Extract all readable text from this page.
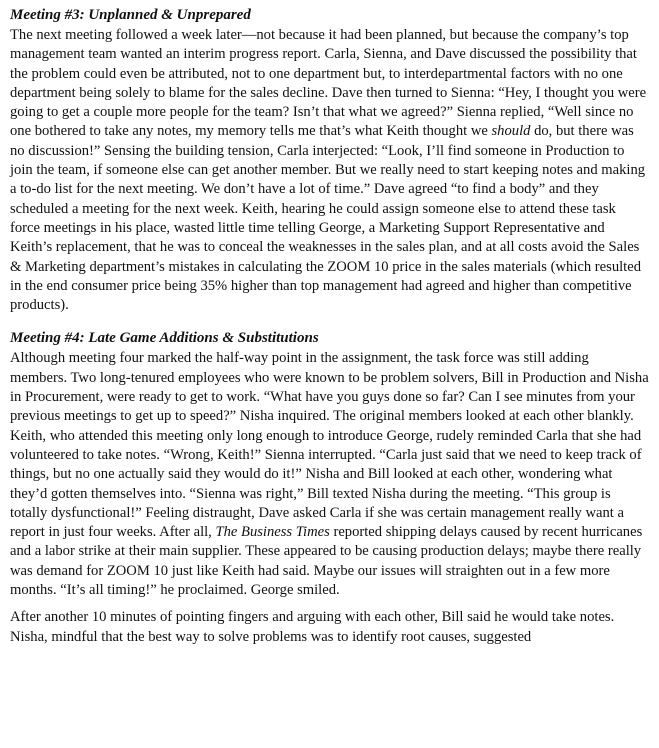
Meeting #3: Unplanned & Unprepared

The next meeting followed a week later—not because it had been planned, but because the company’s top management team wanted an interim progress report. Carla, Sienna, and Dave discussed the possibility that the problem could even be attributed, not to one department but, to interdepartmental factors with no one department being solely to blame for the sales decline. Dave then turned to Sienna: “Hey, I thought you were going to get a couple more people for the team? Isn’t that what we agreed?” Sienna replied, “Well since no one bothered to take any notes, my memory tells me that’s what Keith thought we should do, but there was no discussion!” Sensing the building tension, Carla interjected: “Look, I’ll find someone in Production to join the team, if someone else can get another member. But we really need to start keeping notes and making a to-do list for the next meeting. We don’t have a lot of time.” Dave agreed “to find a body” and they scheduled a meeting for the next week. Keith, hearing he could assign someone else to attend these task force meetings in his place, wasted little time telling George, a Marketing Support Representative and Keith’s replacement, that he was to conceal the weaknesses in the sales plan, and at all costs avoid the Sales & Marketing department’s mistakes in calculating the ZOOM 10 price in the sales materials (which resulted in the end consumer price being 35% higher than top management had agreed and higher than competitive products).

Meeting #4: Late Game Additions & Substitutions

Although meeting four marked the half-way point in the assignment, the task force was still adding members. Two long-tenured employees who were known to be problem solvers, Bill in Production and Nisha in Procurement, were ready to get to work. “What have you guys done so far? Can I see minutes from your previous meetings to get up to speed?” Nisha inquired. The original members looked at each other blankly. Keith, who attended this meeting only long enough to introduce George, rudely reminded Carla that she had volunteered to take notes. “Wrong, Keith!” Sienna interrupted. “Carla just said that we need to keep track of things, but no one actually said they would do it!” Nisha and Bill looked at each other, wondering what they’d gotten themselves into. “Sienna was right,” Bill texted Nisha during the meeting. “This group is totally dysfunctional!” Feeling distraught, Dave asked Carla if she was certain management really want a report in just four weeks. After all, The Business Times reported shipping delays caused by recent hurricanes and a labor strike at their main supplier. These appeared to be causing production delays; maybe there really was demand for ZOOM 10 just like Keith had said. Maybe our issues will straighten out in a few more months. “It’s all timing!” he proclaimed. George smiled.

After another 10 minutes of pointing fingers and arguing with each other, Bill said he would take notes. Nisha, mindful that the best way to solve problems was to identify root causes, suggested
